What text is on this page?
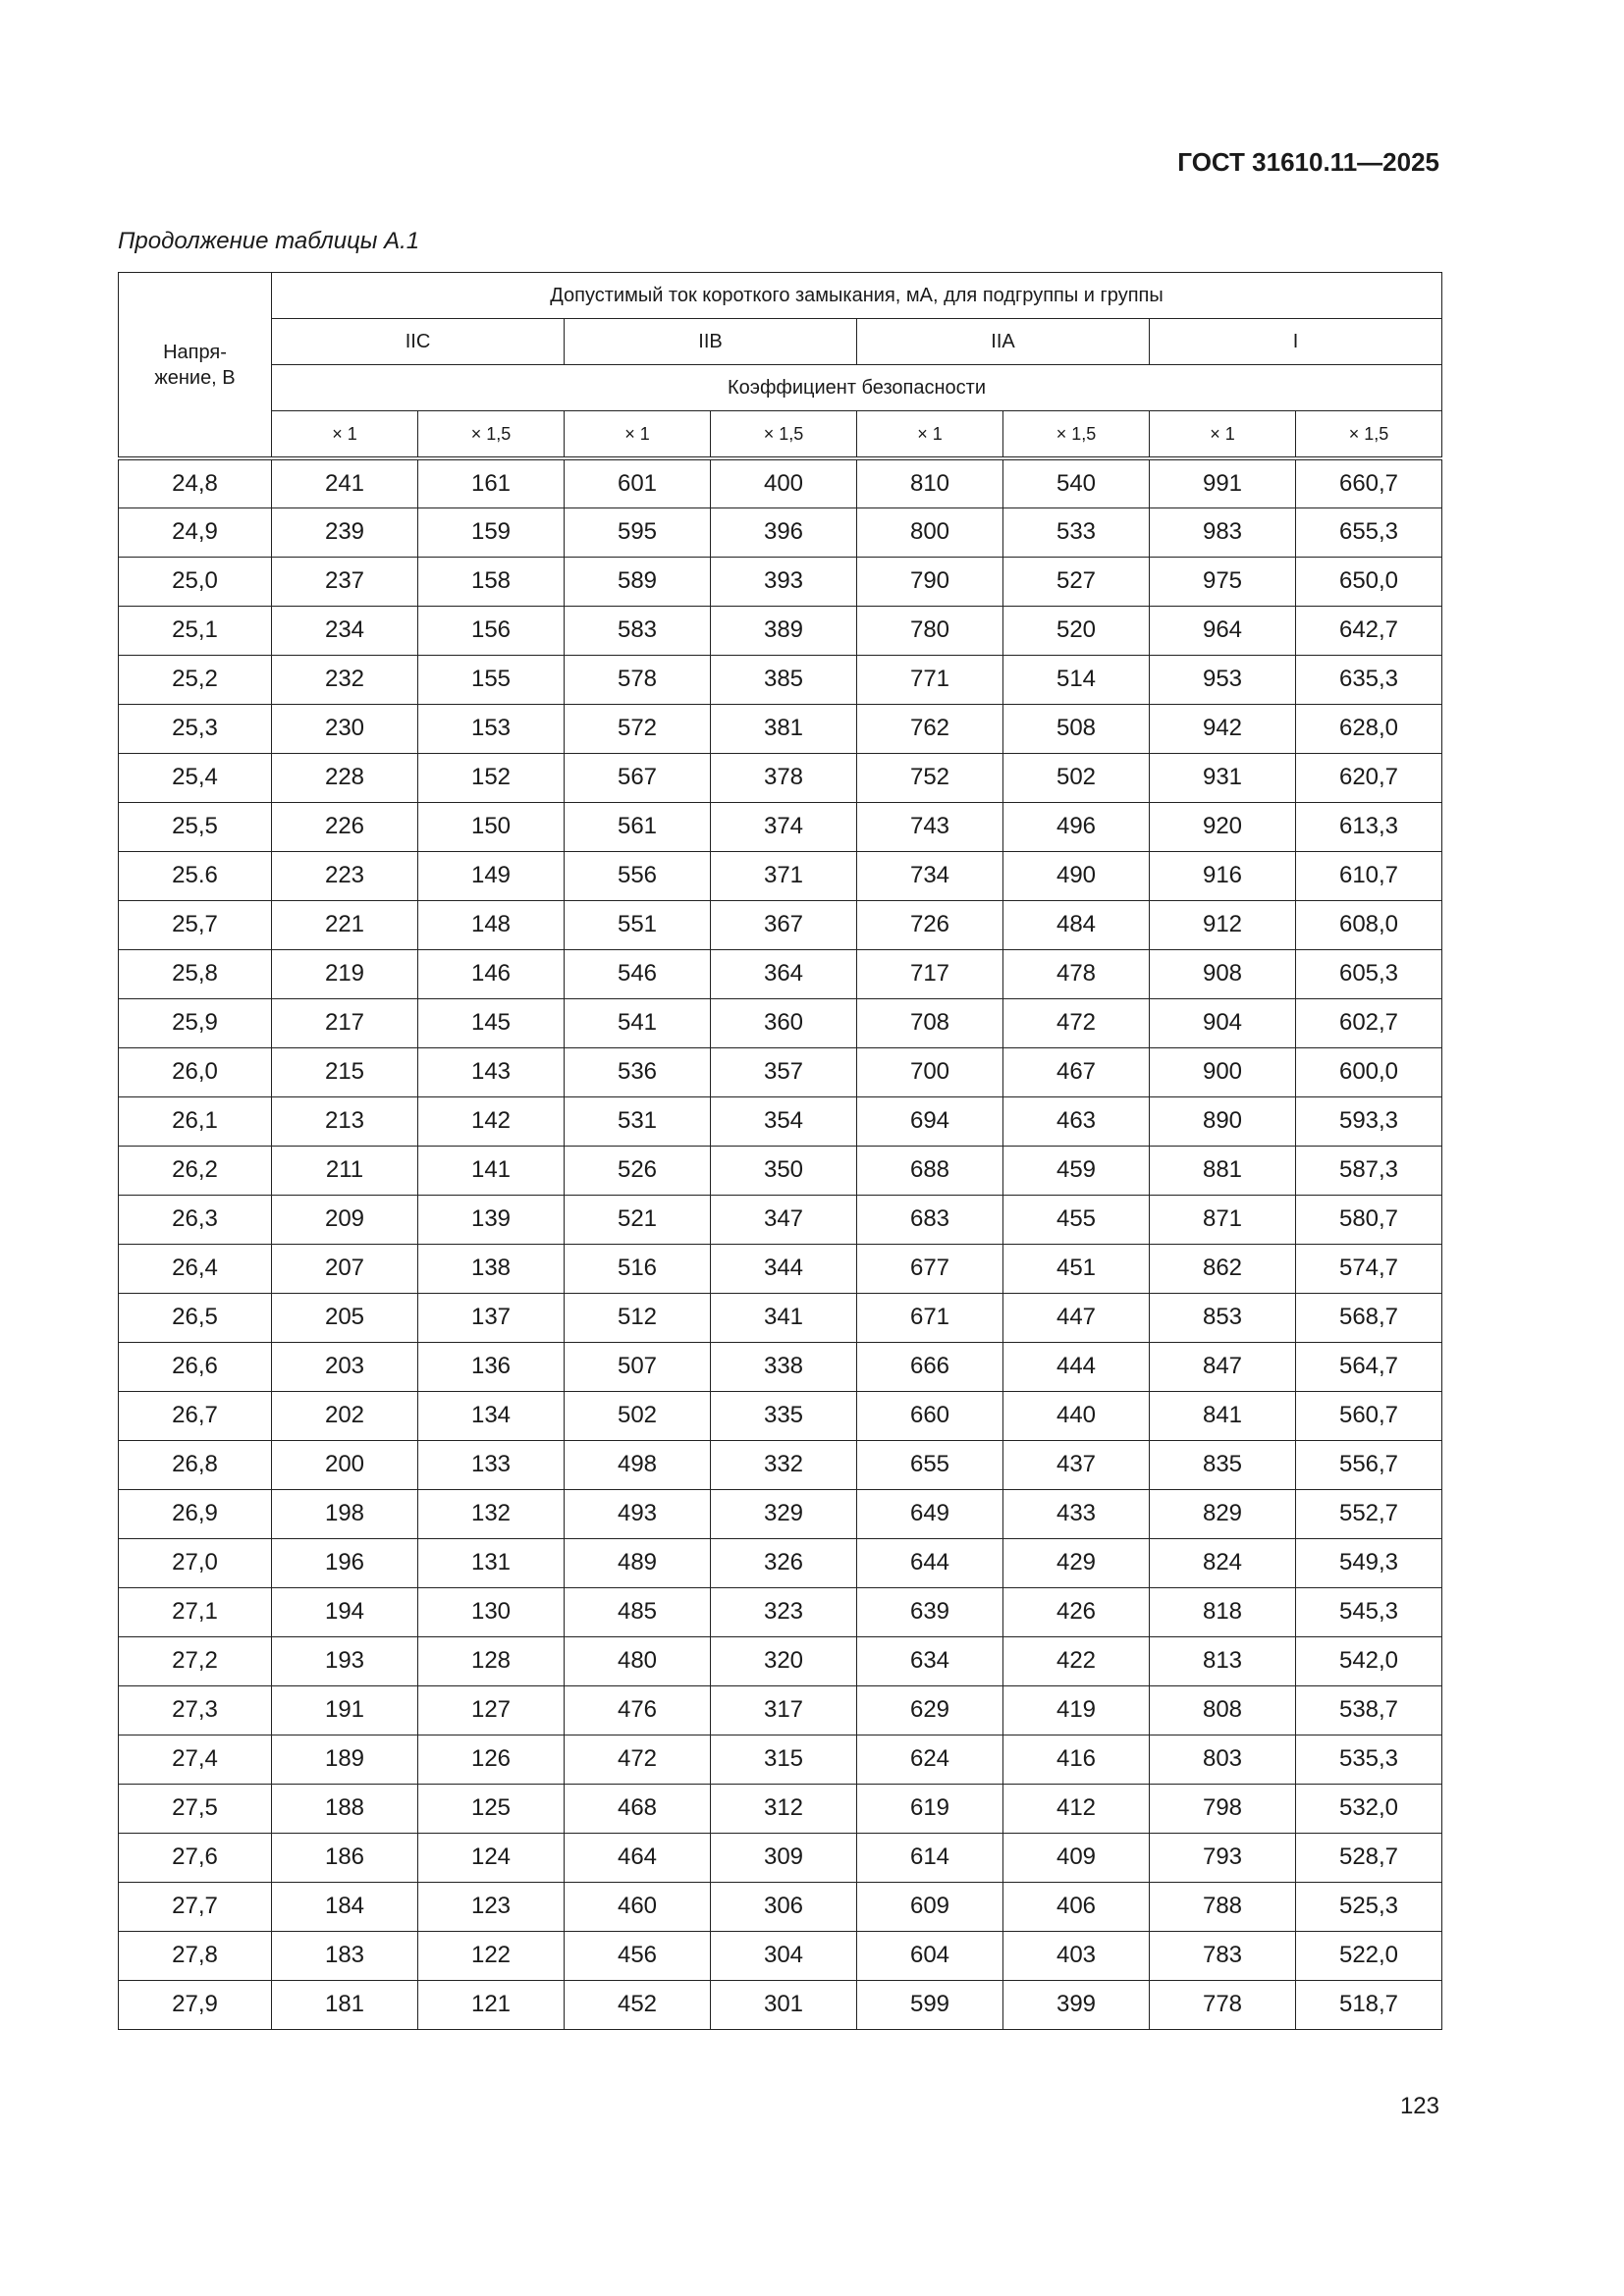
ГОСТ 31610.11—2025
Продолжение таблицы А.1
Напря-
жение, В	Допустимый ток короткого замыкания, мА, для подгруппы и группы							
	IIC		IIB		IIA		I	
	Коэффициент безопасности							
	× 1	× 1,5	× 1	× 1,5	× 1	× 1,5	× 1	× 1,5
24,8	241	161	601	400	810	540	991	660,7
24,9	239	159	595	396	800	533	983	655,3
25,0	237	158	589	393	790	527	975	650,0
25,1	234	156	583	389	780	520	964	642,7
25,2	232	155	578	385	771	514	953	635,3
25,3	230	153	572	381	762	508	942	628,0
25,4	228	152	567	378	752	502	931	620,7
25,5	226	150	561	374	743	496	920	613,3
25.6	223	149	556	371	734	490	916	610,7
25,7	221	148	551	367	726	484	912	608,0
25,8	219	146	546	364	717	478	908	605,3
25,9	217	145	541	360	708	472	904	602,7
26,0	215	143	536	357	700	467	900	600,0
26,1	213	142	531	354	694	463	890	593,3
26,2	211	141	526	350	688	459	881	587,3
26,3	209	139	521	347	683	455	871	580,7
26,4	207	138	516	344	677	451	862	574,7
26,5	205	137	512	341	671	447	853	568,7
26,6	203	136	507	338	666	444	847	564,7
26,7	202	134	502	335	660	440	841	560,7
26,8	200	133	498	332	655	437	835	556,7
26,9	198	132	493	329	649	433	829	552,7
27,0	196	131	489	326	644	429	824	549,3
27,1	194	130	485	323	639	426	818	545,3
27,2	193	128	480	320	634	422	813	542,0
27,3	191	127	476	317	629	419	808	538,7
27,4	189	126	472	315	624	416	803	535,3
27,5	188	125	468	312	619	412	798	532,0
27,6	186	124	464	309	614	409	793	528,7
27,7	184	123	460	306	609	406	788	525,3
27,8	183	122	456	304	604	403	783	522,0
27,9	181	121	452	301	599	399	778	518,7
123
